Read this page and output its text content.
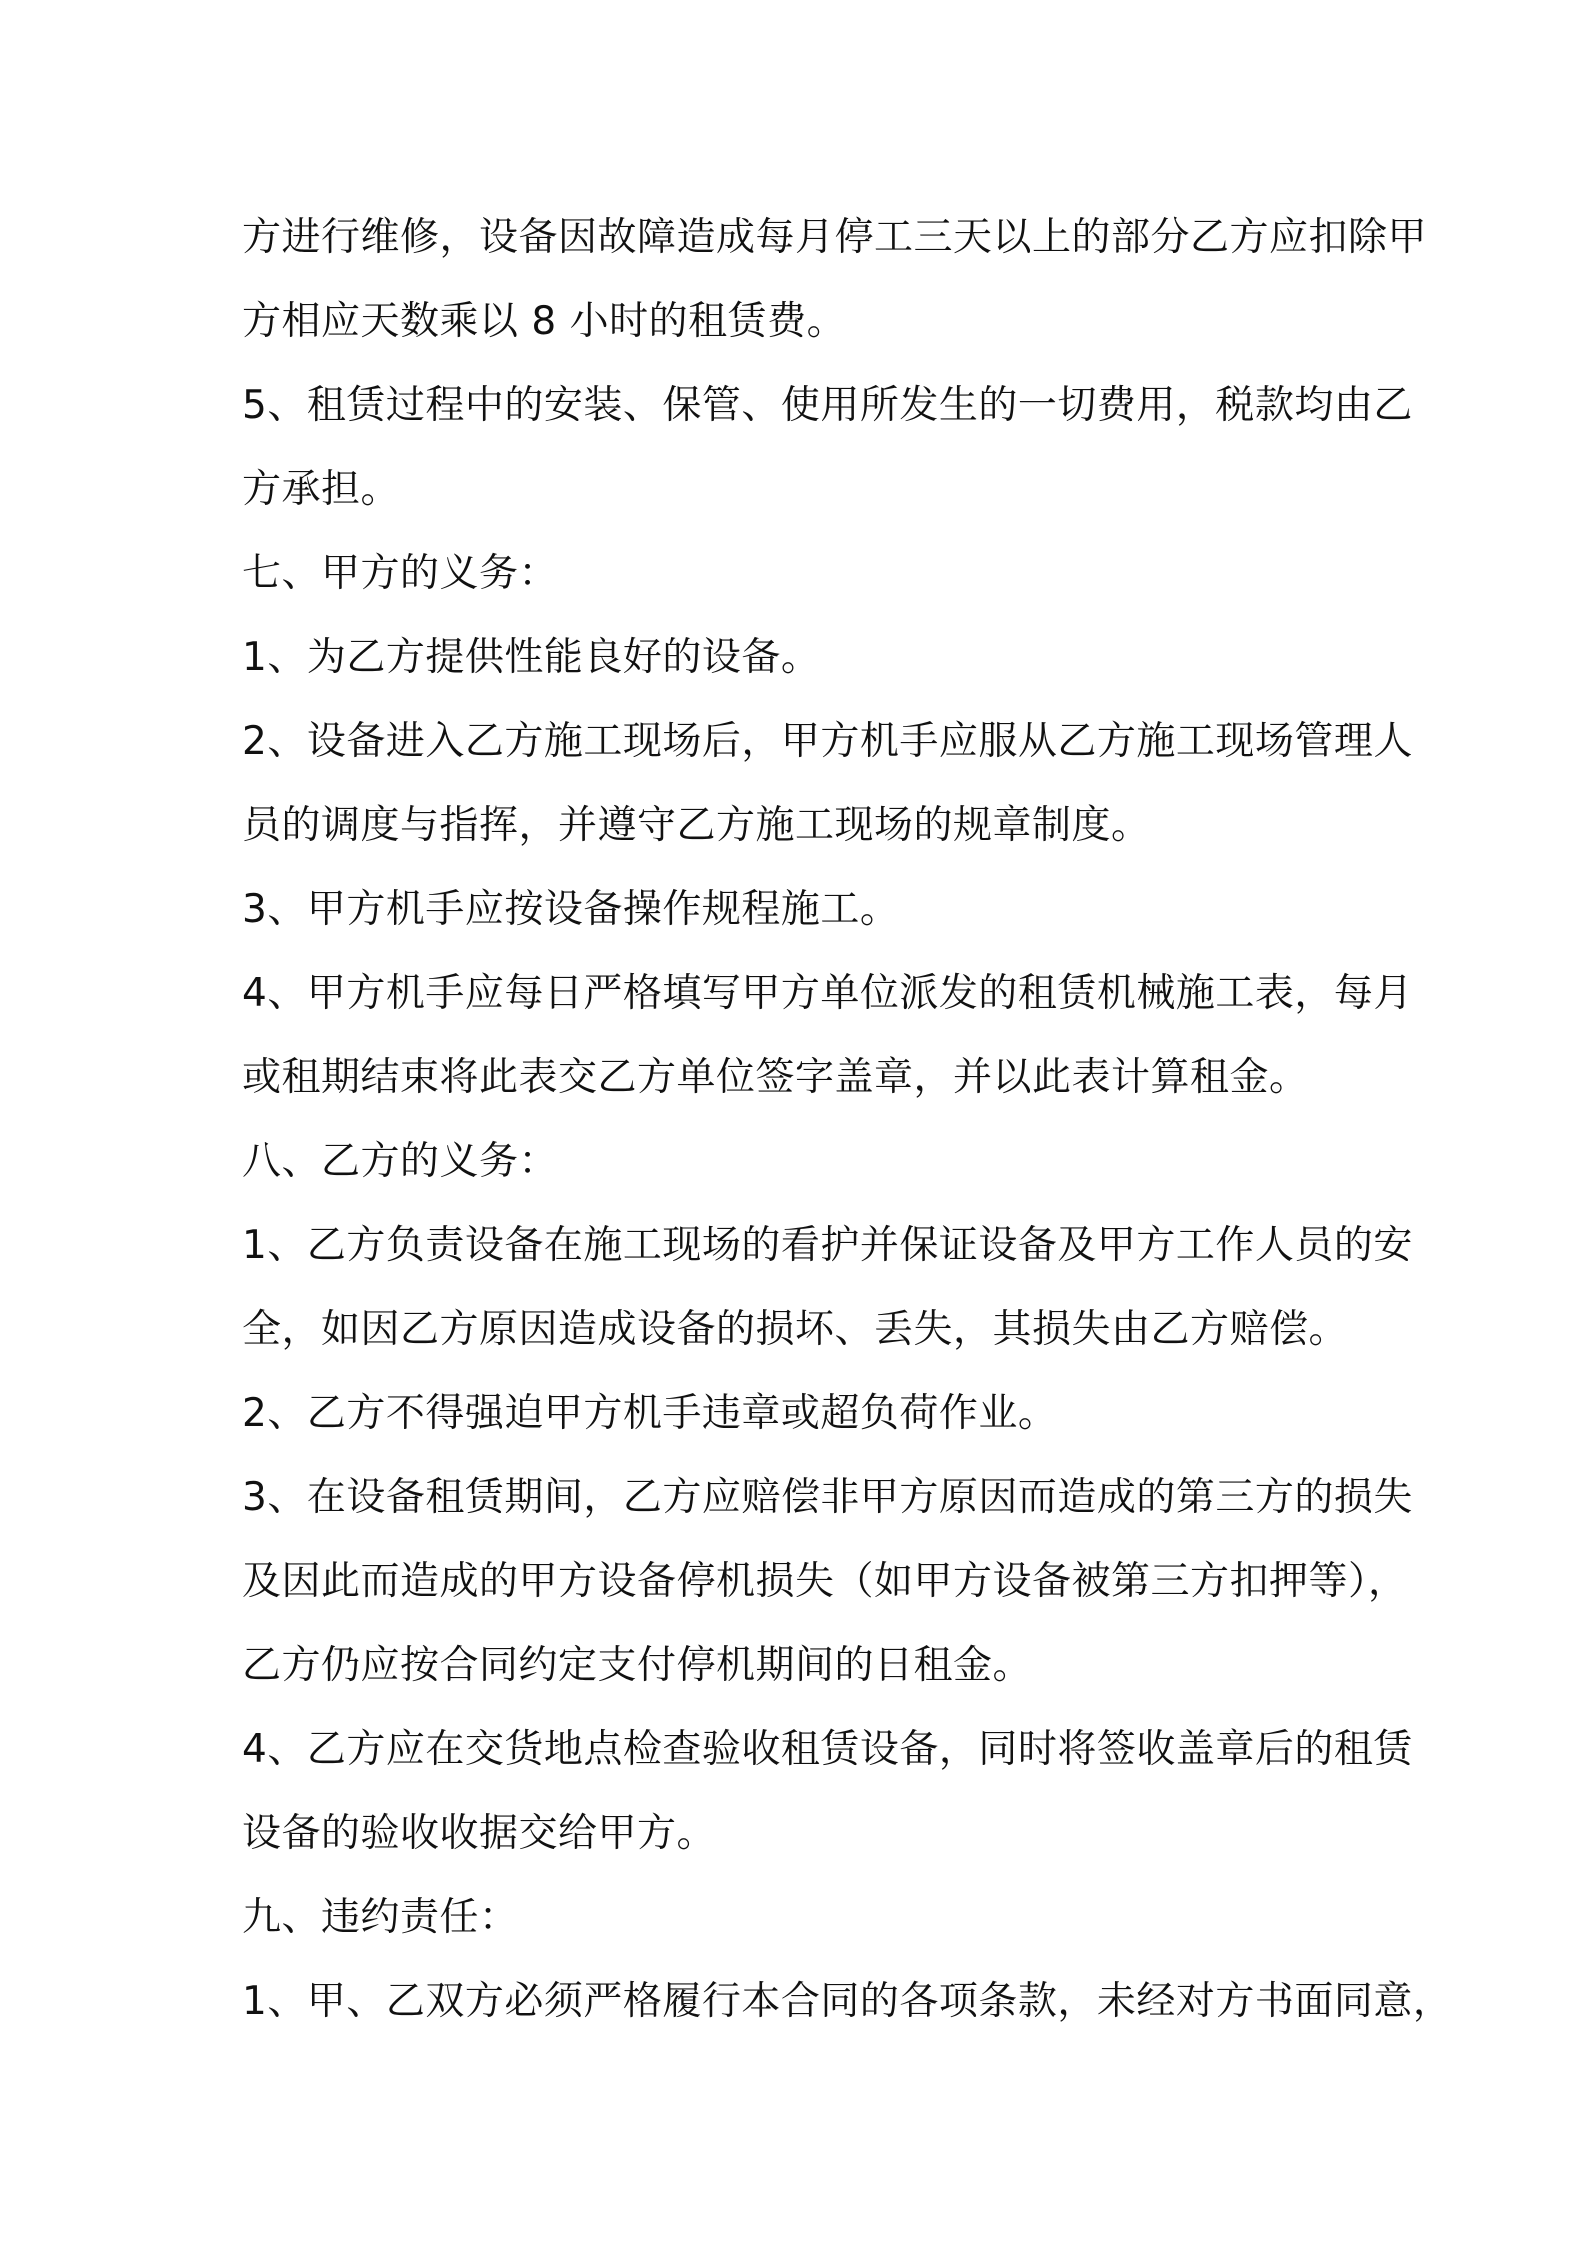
方进行维修，设备因故障造成每月停工三天以上的部分乙方应扣除甲
方相应天数乘以 8 小时的租赁费。
5、租赁过程中的安装、保管、使用所发生的一切费用，税款均由乙
方承担。
七、甲方的义务：
1、为乙方提供性能良好的设备。
2、设备进入乙方施工现场后，甲方机手应服从乙方施工现场管理人
员的调度与指挥，并遵守乙方施工现场的规章制度。
3、甲方机手应按设备操作规程施工。
4、甲方机手应每日严格填写甲方单位派发的租赁机械施工表，每月
或租期结束将此表交乙方单位签字盖章，并以此表计算租金。
八、乙方的义务：
1、乙方负责设备在施工现场的看护并保证设备及甲方工作人员的安
全，如因乙方原因造成设备的损坏、丢失，其损失由乙方赔偿。
2、乙方不得强迫甲方机手违章或超负荷作业。
3、在设备租赁期间，乙方应赔偿非甲方原因而造成的第三方的损失
及因此而造成的甲方设备停机损失（如甲方设备被第三方扣押等），
乙方仍应按合同约定支付停机期间的日租金。
4、乙方应在交货地点检查验收租赁设备，同时将签收盖章后的租赁
设备的验收收据交给甲方。
九、违约责任：
1、甲、乙双方必须严格履行本合同的各项条款，未经对方书面同意，
